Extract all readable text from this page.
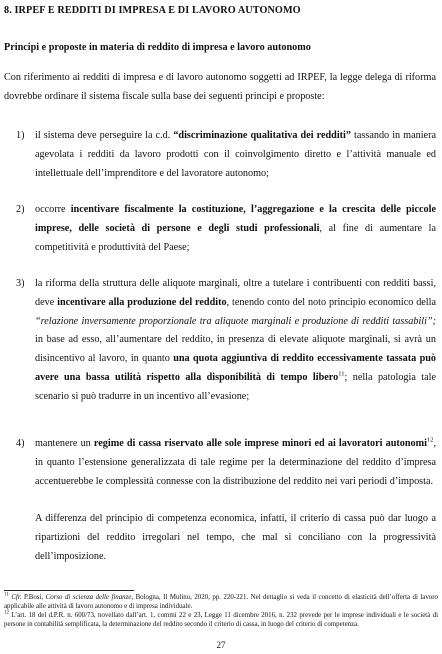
8. IRPEF E REDDITI DI IMPRESA E DI LAVORO AUTONOMO
Principi e proposte in materia di reddito di impresa e lavoro autonomo
Con riferimento ai redditi di impresa e di lavoro autonomo soggetti ad IRPEF, la legge delega di riforma dovrebbe ordinare il sistema fiscale sulla base dei seguenti principi e proposte:
1) il sistema deve perseguire la c.d. “discriminazione qualitativa dei redditi” tassando in maniera agevolata i redditi da lavoro prodotti con il coinvolgimento diretto e l’attività manuale ed intellettuale dell’imprenditore e del lavoratore autonomo;
2) occorre incentivare fiscalmente la costituzione, l’aggregazione e la crescita delle piccole imprese, delle società di persone e degli studi professionali, al fine di aumentare la competitività e produttività del Paese;
3) la riforma della struttura delle aliquote marginali, oltre a tutelare i contribuenti con redditi bassi, deve incentivare alla produzione del reddito, tenendo conto del noto principio economico della “relazione inversamente proporzionale tra aliquote marginali e produzione di redditi tassabili”; in base ad esso, all’aumentare del reddito, in presenza di elevate aliquote marginali, si avrà un disincentivo al lavoro, in quanto una quota aggiuntiva di reddito eccessivamente tassata può avere una bassa utilità rispetto alla disponibilità di tempo libero$^{11}$; nella patologia tale scenario si può tradurre in un incentivo all’evasione;
4) mantenere un regime di cassa riservato alle sole imprese minori ed ai lavoratori autonomi$^{12}$, in quanto l’estensione generalizzata di tale regime per la determinazione del reddito d’impresa accentuerebbe le complessità connesse con la distribuzione del reddito nei vari periodi d’imposta.
A differenza del principio di competenza economica, infatti, il criterio di cassa può dar luogo a ripartizioni del reddito irregolari nel tempo, che mal si conciliano con la progressività dell’imposizione.
$^{11}$ Cfr. P.Bosi, Corso di scienza delle finanze, Bologna, Il Mulino, 2020, pp. 220-221. Nel dettaglio si veda il concetto di elasticità dell’offerta di lavoro applicabile alle attività di lavoro autonomo e di impresa individuale.
$^{12}$ L’art. 18 del d.P.R. n. 600/73, novellato dall’art. 1, commi 22 e 23, Legge 11 dicembre 2016, n. 232 prevede per le imprese individuali e le società di persone in contabilità semplificata, la determinazione del reddito secondo il criterio di cassa, in luogo del criterio di competenza.
27
